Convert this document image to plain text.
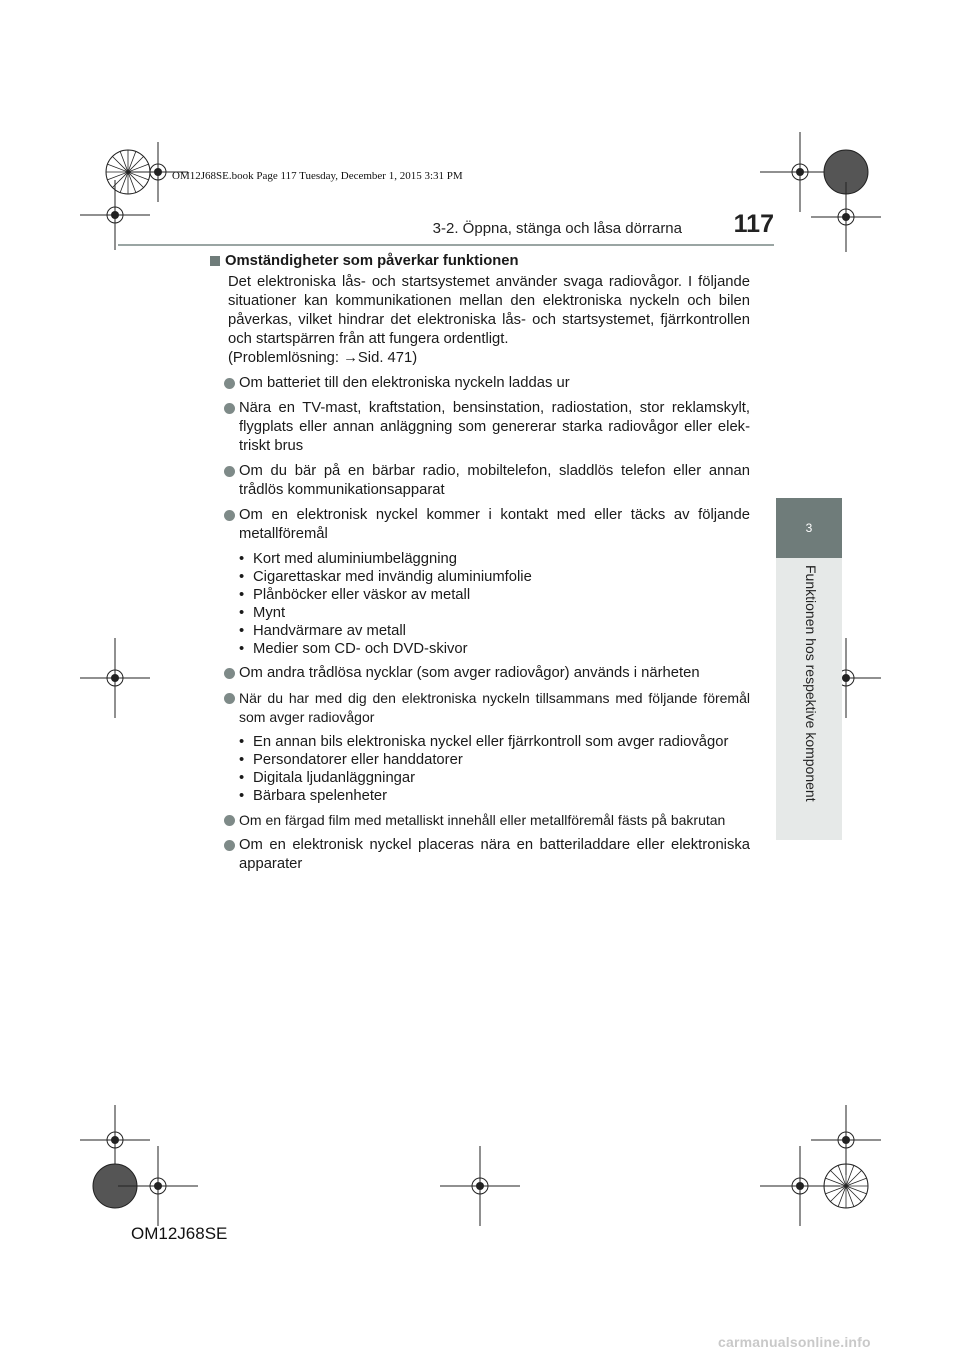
OM12J68SE.book Page 117 Tuesday, December 1, 2015 3:31 PM
3-2. Öppna, stänga och låsa dörrarna	117
3
Funktionen hos respektive komponent
Omständigheter som påverkar funktionen
Det elektroniska lås- och startsystemet använder svaga radiovågor. I följande situationer kan kommunikationen mellan den elektroniska nyckeln och bilen påverkas, vilket hindrar det elektroniska lås- och startsystemet, fjärrkontrollen och startspärren från att fungera ordentligt.
(Problemlösning: →Sid. 471)
Om batteriet till den elektroniska nyckeln laddas ur
Nära en TV-mast, kraftstation, bensinstation, radiostation, stor reklamskylt, flygplats eller annan anläggning som genererar starka radiovågor eller elek-triskt brus
Om du bär på en bärbar radio, mobiltelefon, sladdlös telefon eller annan trådlös kommunikationsapparat
Om en elektronisk nyckel kommer i kontakt med eller täcks av följande metallföremål
• Kort med aluminiumbeläggning
• Cigarettaskar med invändig aluminiumfolie
• Plånböcker eller väskor av metall
• Mynt
• Handvärmare av metall
• Medier som CD- och DVD-skivor
Om andra trådlösa nycklar (som avger radiovågor) används i närheten
När du har med dig den elektroniska nyckeln tillsammans med följande föremål som avger radiovågor
• En annan bils elektroniska nyckel eller fjärrkontroll som avger radiovågor
• Persondatorer eller handdatorer
• Digitala ljudanläggningar
• Bärbara spelenheter
Om en färgad film med metalliskt innehåll eller metallföremål fästs på bakrutan
Om en elektronisk nyckel placeras nära en batteriladdare eller elektroniska apparater
OM12J68SE
carmanualsonline.info
